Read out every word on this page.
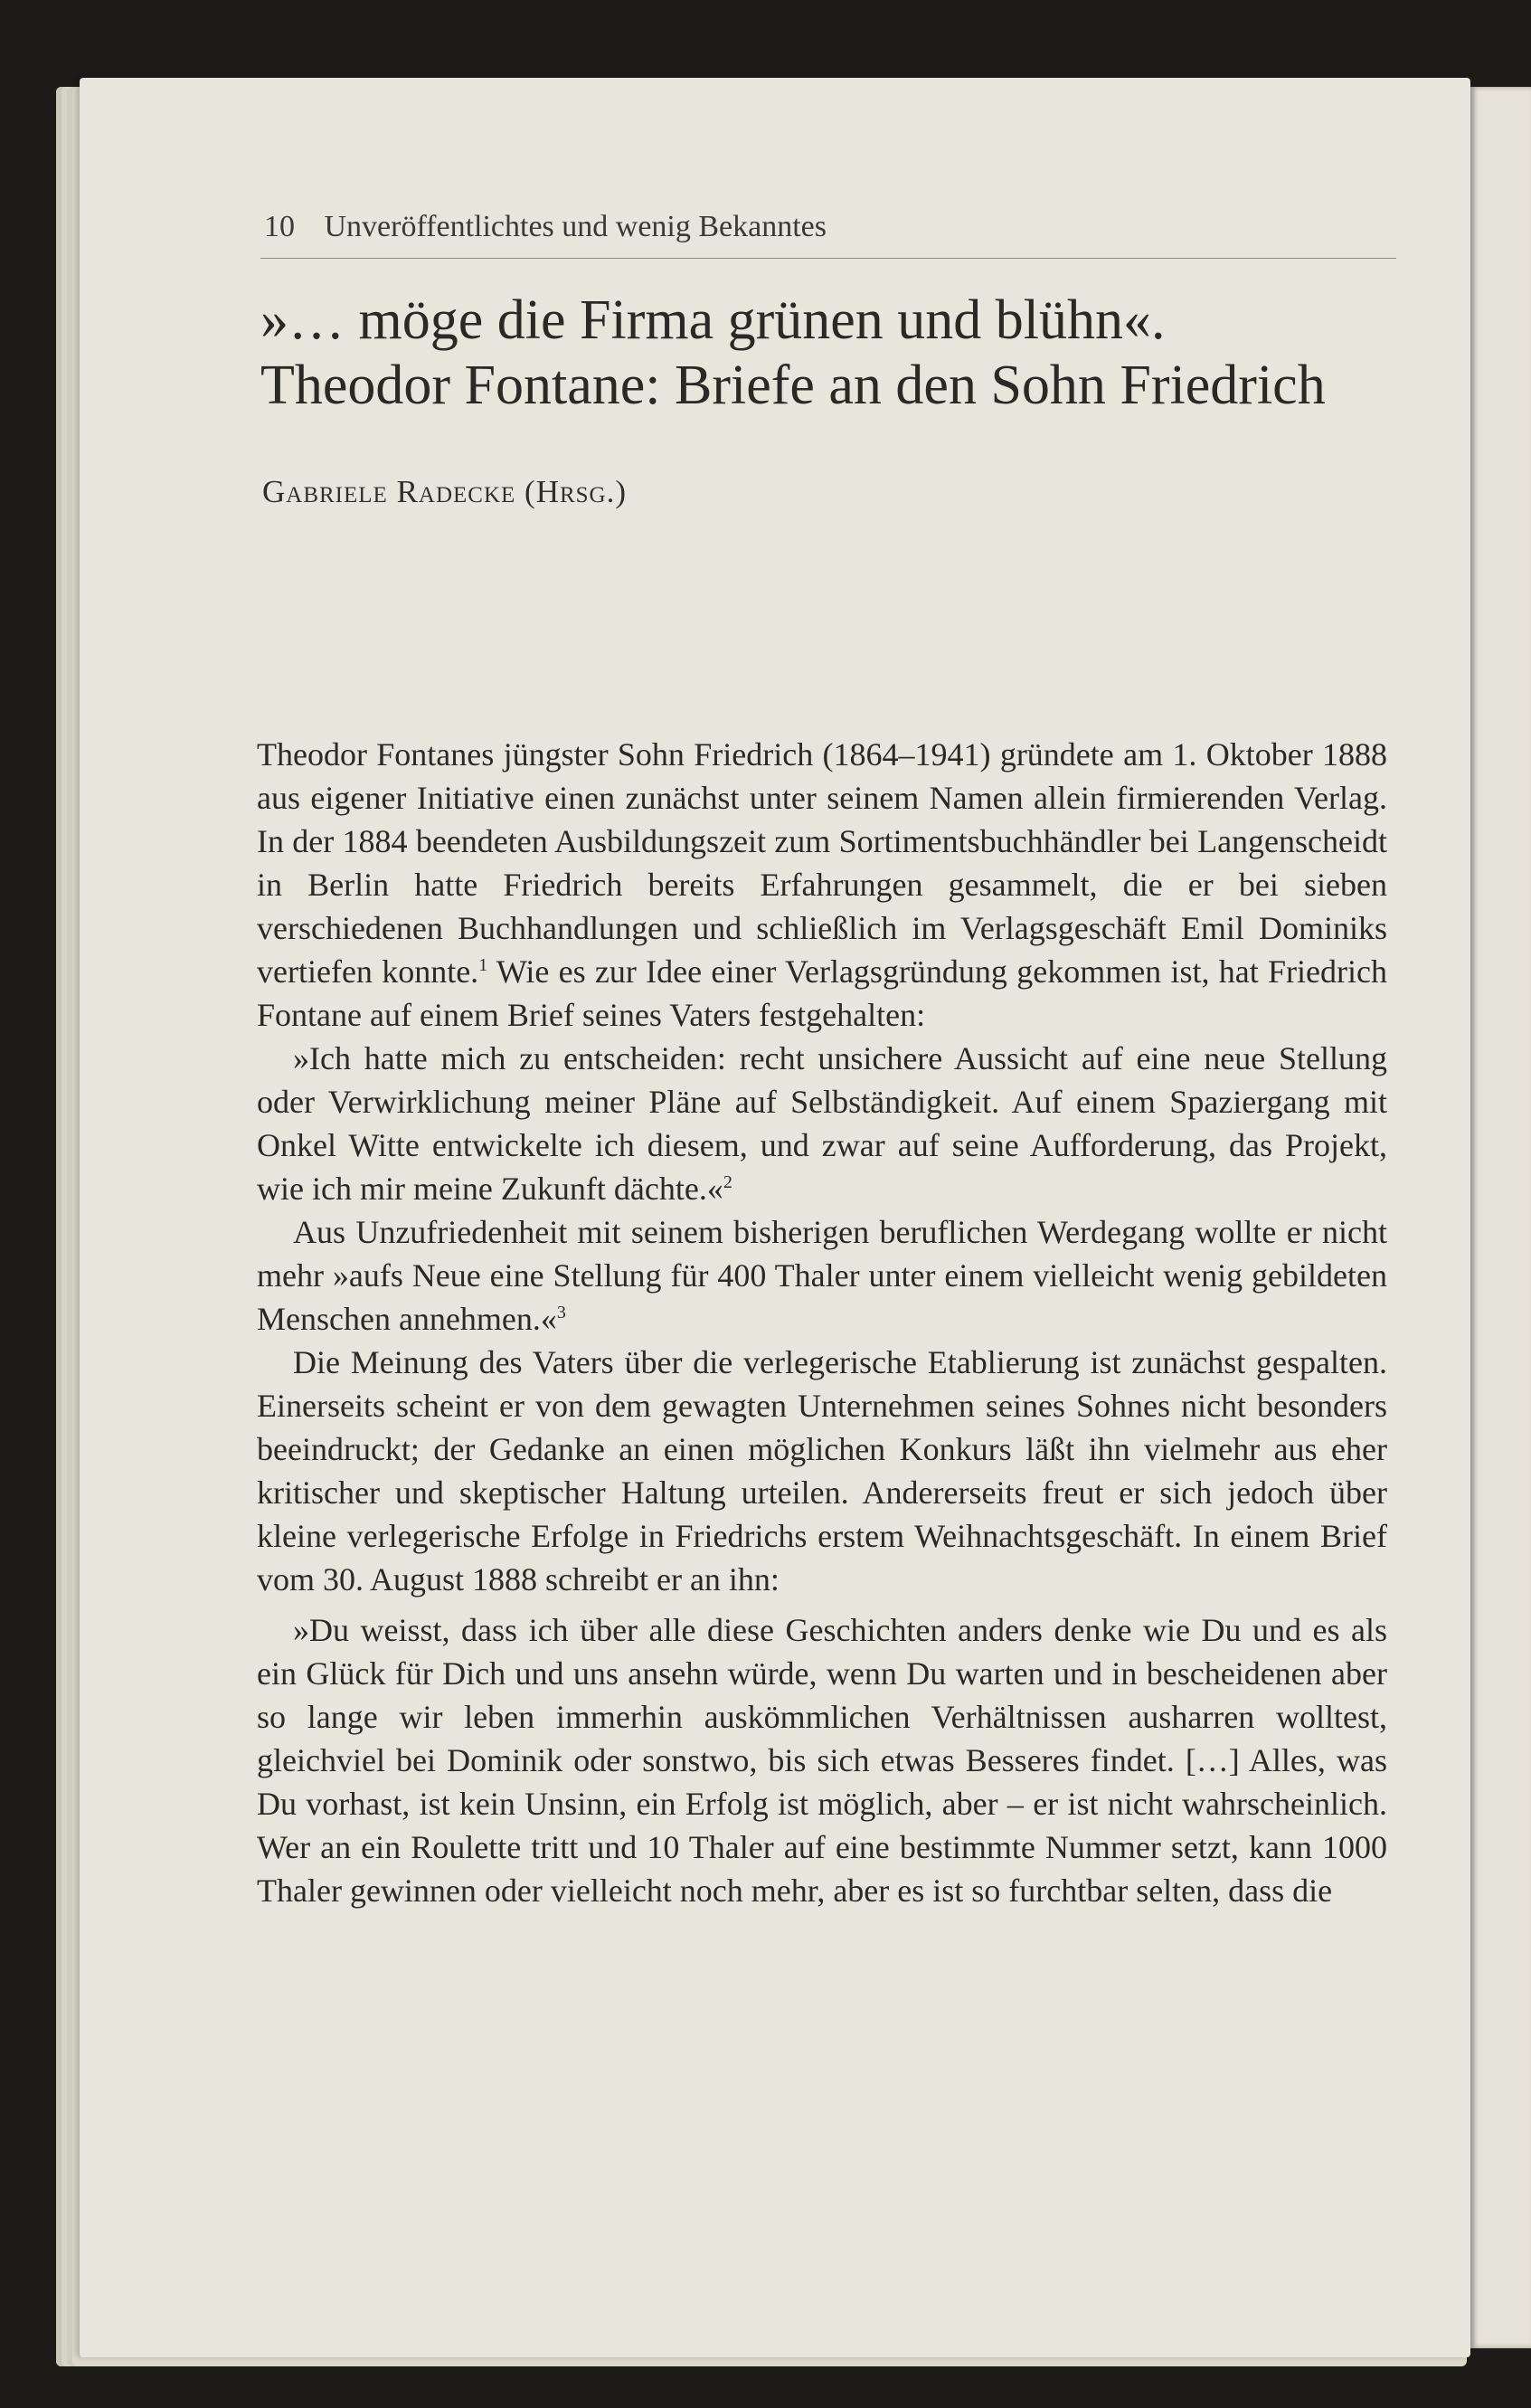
10 Unveröffentlichtes und wenig Bekanntes
»… möge die Firma grünen und blühn«.
Theodor Fontane: Briefe an den Sohn Friedrich
Gabriele Radecke (Hrsg.)

Theodor Fontanes jüngster Sohn Friedrich (1864–1941) gründete am 1. Oktober 1888 aus eigener Initiative einen zunächst unter seinem Namen allein firmierenden Verlag. In der 1884 beendeten Ausbildungszeit zum Sortimentsbuchhändler bei Langenscheidt in Berlin hatte Friedrich bereits Erfahrungen gesammelt, die er bei sieben verschiedenen Buchhandlungen und schließlich im Verlagsgeschäft Emil Dominiks vertiefen konnte.$^1$ Wie es zur Idee einer Verlagsgründung gekommen ist, hat Friedrich Fontane auf einem Brief seines Vaters festgehalten:

»Ich hatte mich zu entscheiden: recht unsichere Aussicht auf eine neue Stellung oder Verwirklichung meiner Pläne auf Selbständigkeit. Auf einem Spaziergang mit Onkel Witte entwickelte ich diesem, und zwar auf seine Aufforderung, das Projekt, wie ich mir meine Zukunft dächte.«$^2$

Aus Unzufriedenheit mit seinem bisherigen beruflichen Werdegang wollte er nicht mehr »aufs Neue eine Stellung für 400 Thaler unter einem vielleicht wenig gebildeten Menschen annehmen.«$^3$

Die Meinung des Vaters über die verlegerische Etablierung ist zunächst gespalten. Einerseits scheint er von dem gewagten Unternehmen seines Sohnes nicht besonders beeindruckt; der Gedanke an einen möglichen Konkurs läßt ihn vielmehr aus eher kritischer und skeptischer Haltung urteilen. Andererseits freut er sich jedoch über kleine verlegerische Erfolge in Friedrichs erstem Weihnachtsgeschäft. In einem Brief vom 30. August 1888 schreibt er an ihn:

»Du weisst, dass ich über alle diese Geschichten anders denke wie Du und es als ein Glück für Dich und uns ansehn würde, wenn Du warten und in bescheidenen aber so lange wir leben immerhin auskömmlichen Verhältnissen ausharren wolltest, gleichviel bei Dominik oder sonstwo, bis sich etwas Besseres findet. […] Alles, was Du vorhast, ist kein Unsinn, ein Erfolg ist möglich, aber – er ist nicht wahrscheinlich. Wer an ein Roulette tritt und 10 Thaler auf eine bestimmte Nummer setzt, kann 1000 Thaler gewinnen oder vielleicht noch mehr, aber es ist so furchtbar selten, dass die
